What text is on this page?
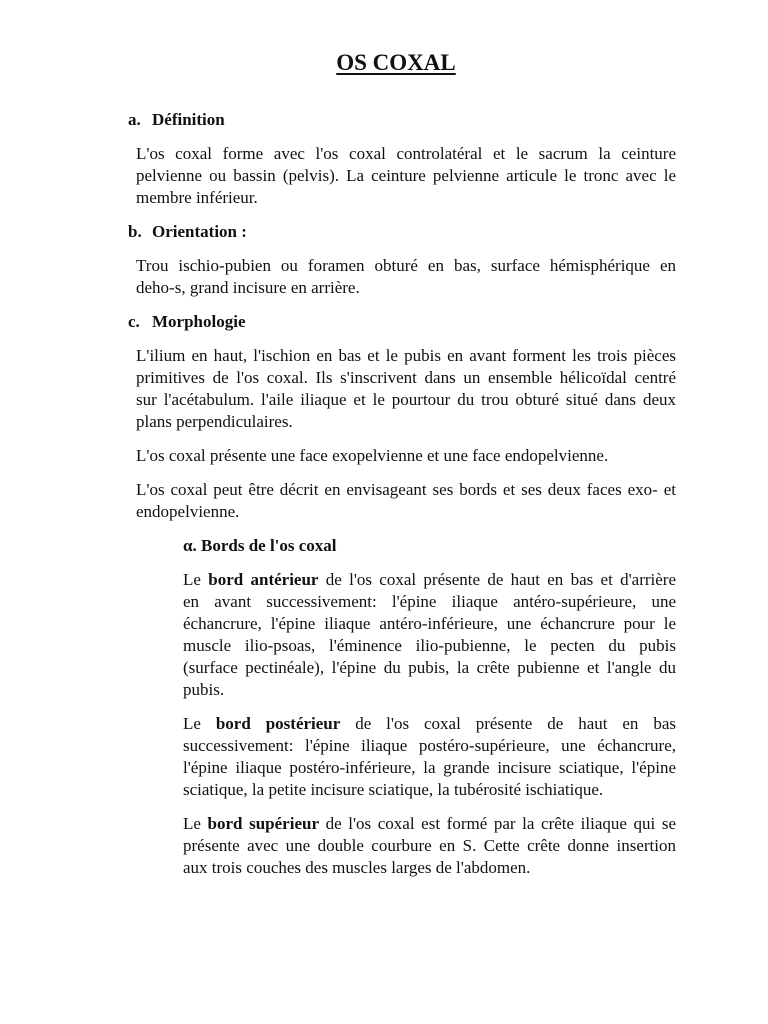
OS COXAL
a. Définition
L'os coxal forme avec l'os coxal controlatéral et le sacrum la ceinture
pelvienne ou bassin (pelvis). La ceinture pelvienne articule le tronc avec le
membre inférieur.
b. Orientation :
Trou ischio-pubien ou foramen obturé en bas, surface hémisphérique en
deho-s, grand incisure en arrière.
c. Morphologie
L'ilium en haut, l'ischion en bas et le pubis en avant forment les trois pièces
primitives de l'os coxal. Ils s'inscrivent dans un ensemble hélicoïdal centré
sur l'acétabulum. l'aile iliaque et le pourtour du trou obturé situé dans deux
plans perpendiculaires.
L'os coxal présente une face exopelvienne et une face endopelvienne.
L'os coxal peut être décrit en envisageant ses bords et ses deux faces exo- et
endopelvienne.
α. Bords de l'os coxal
Le bord antérieur de l'os coxal présente de haut en bas et d'arrière
en avant successivement: l'épine iliaque antéro-supérieure, une
échancrure, l'épine iliaque antéro-inférieure, une échancrure pour le
muscle ilio-psoas, l'éminence ilio-pubienne, le pecten du pubis
(surface pectinéale), l'épine du pubis, la crête pubienne et l'angle du
pubis.
Le bord postérieur de l'os coxal présente de haut en bas
successivement: l'épine iliaque postéro-supérieure, une échancrure,
l'épine iliaque postéro-inférieure, la grande incisure sciatique, l'épine
sciatique, la petite incisure sciatique, la tubérosité ischiatique.
Le bord supérieur de l'os coxal est formé par la crête iliaque qui se
présente avec une double courbure en S. Cette crête donne insertion
aux trois couches des muscles larges de l'abdomen.
